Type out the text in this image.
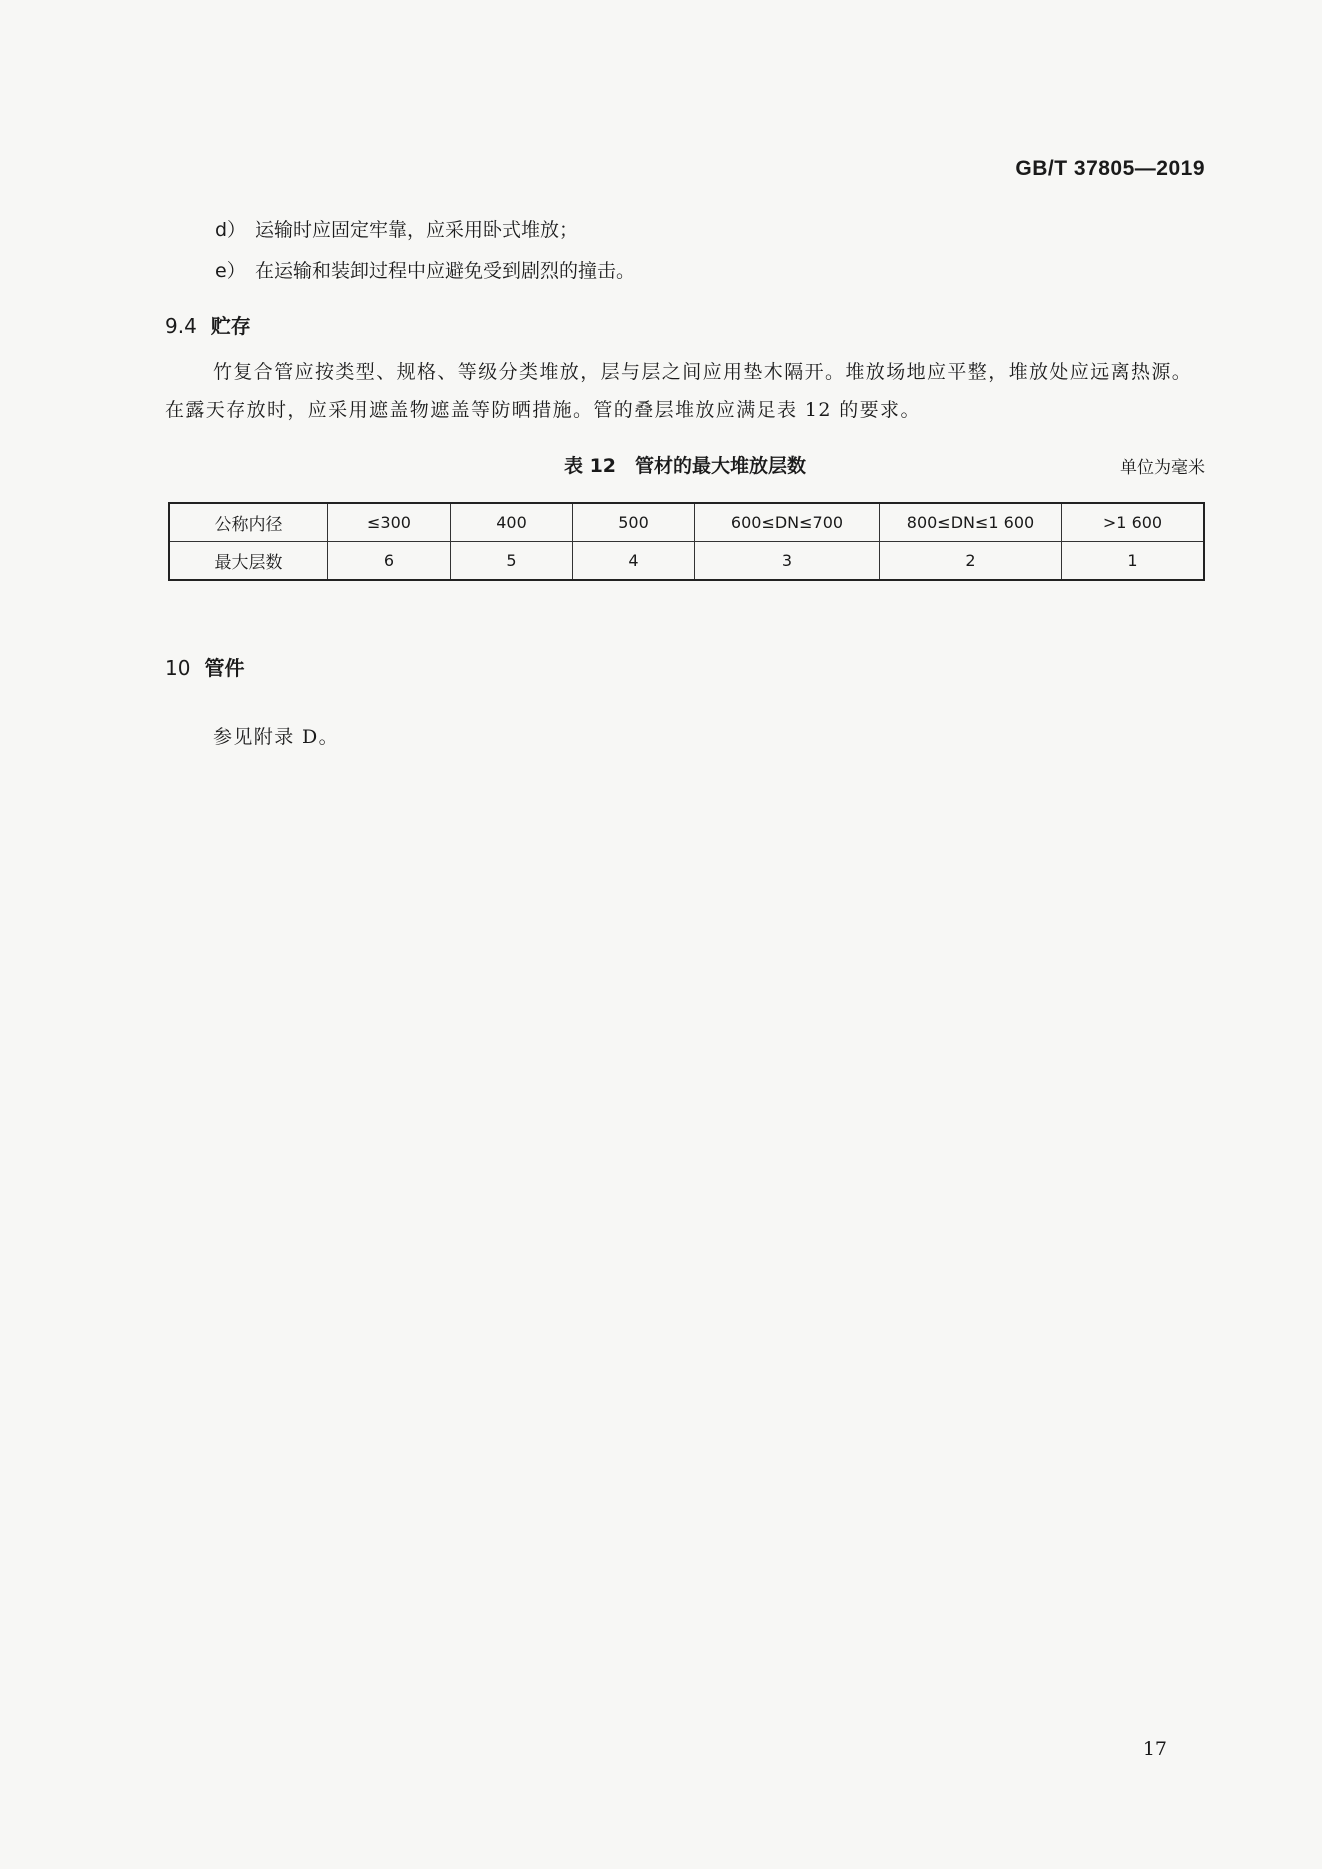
GB/T 37805—2019
d） 运输时应固定牢靠，应采用卧式堆放；
e） 在运输和装卸过程中应避免受到剧烈的撞击。
9.4 贮存
竹复合管应按类型、规格、等级分类堆放，层与层之间应用垫木隔开。堆放场地应平整，堆放处应远离热源。在露天存放时，应采用遮盖物遮盖等防晒措施。管的叠层堆放应满足表 12 的要求。
表 12　管材的最大堆放层数	单位为毫米
公称内径	≤300	400	500	600≤DN≤700	800≤DN≤1 600	>1 600
最大层数	6	5	4	3	2	1
10 管件
参见附录 D。
17
